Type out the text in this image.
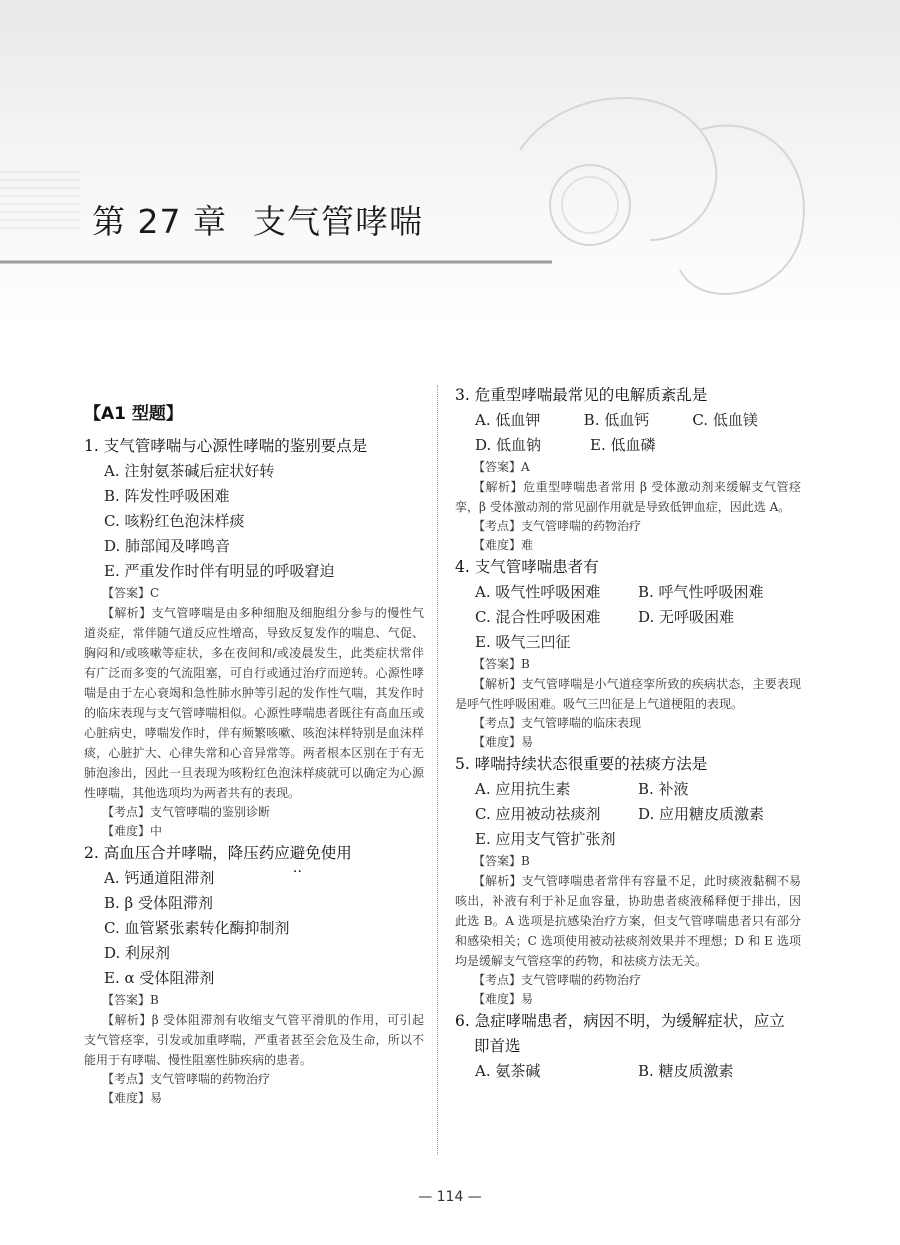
第 27 章 支气管哮喘
【A1 型题】
1. 支气管哮喘与心源性哮喘的鉴别要点是
A. 注射氨茶碱后症状好转
B. 阵发性呼吸困难
C. 咳粉红色泡沫样痰
D. 肺部闻及哮鸣音
E. 严重发作时伴有明显的呼吸窘迫
【答案】C
【解析】支气管哮喘是由多种细胞及细胞组分参与的慢性气道炎症，常伴随气道反应性增高，导致反复发作的喘息、气促、胸闷和/或咳嗽等症状，多在夜间和/或凌晨发生，此类症状常伴有广泛而多变的气流阻塞，可自行或通过治疗而逆转。心源性哮喘是由于左心衰竭和急性肺水肿等引起的发作性气喘，其发作时的临床表现与支气管哮喘相似。心源性哮喘患者既往有高血压或心脏病史，哮喘发作时，伴有频繁咳嗽、咳泡沫样特别是血沫样痰，心脏扩大、心律失常和心音异常等。两者根本区别在于有无肺泡渗出，因此一旦表现为咳粉红色泡沫样痰就可以确定为心源性哮喘，其他选项均为两者共有的表现。
【考点】支气管哮喘的鉴别诊断
【难度】中
2. 高血压合并哮喘，降压药应避免 ‥使用
A. 钙通道阻滞剂
B. β 受体阻滞剂
C. 血管紧张素转化酶抑制剂
D. 利尿剂
E. α 受体阻滞剂
【答案】B
【解析】β 受体阻滞剂有收缩支气管平滑肌的作用，可引起支气管痉挛，引发或加重哮喘，严重者甚至会危及生命，所以不能用于有哮喘、慢性阻塞性肺疾病的患者。
【考点】支气管哮喘的药物治疗
【难度】易
3. 危重型哮喘最常见的电解质紊乱是
A. 低血钾	B. 低血钙	C. 低血镁
D. 低血钠	E. 低血磷
【答案】A
【解析】危重型哮喘患者常用 β 受体激动剂来缓解支气管痉挛，β 受体激动剂的常见副作用就是导致低钾血症，因此选 A。
【考点】支气管哮喘的药物治疗
【难度】难
4. 支气管哮喘患者有
A. 吸气性呼吸困难	B. 呼气性呼吸困难
C. 混合性呼吸困难	D. 无呼吸困难
E. 吸气三凹征
【答案】B
【解析】支气管哮喘是小气道痉挛所致的疾病状态，主要表现是呼气性呼吸困难。吸气三凹征是上气道梗阻的表现。
【考点】支气管哮喘的临床表现
【难度】易
5. 哮喘持续状态很重要的祛痰方法是
A. 应用抗生素	B. 补液
C. 应用被动祛痰剂	D. 应用糖皮质激素
E. 应用支气管扩张剂
【答案】B
【解析】支气管哮喘患者常伴有容量不足，此时痰液黏稠不易咳出，补液有利于补足血容量，协助患者痰液稀释便于排出，因此选 B。A 选项是抗感染治疗方案，但支气管哮喘患者只有部分和感染相关；C 选项使用被动祛痰剂效果并不理想；D 和 E 选项均是缓解支气管痉挛的药物，和祛痰方法无关。
【考点】支气管哮喘的药物治疗
【难度】易
6. 急症哮喘患者，病因不明，为缓解症状，应立
即首选
A. 氨茶碱	B. 糖皮质激素
— 114 —
